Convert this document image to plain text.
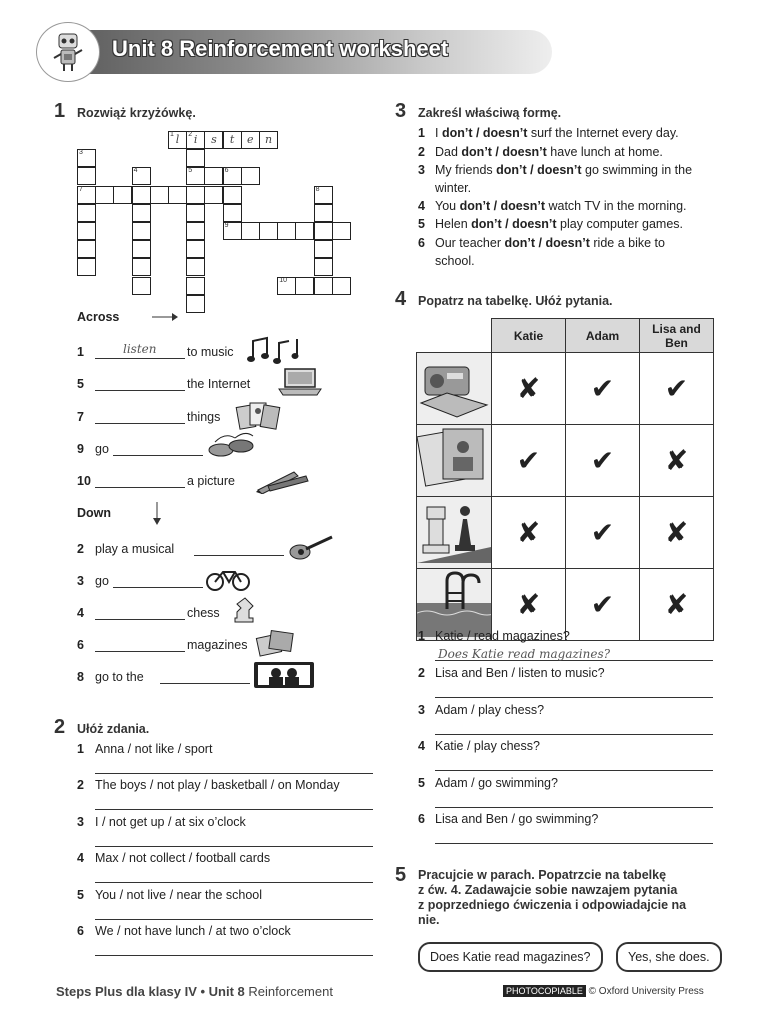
Unit 8 Reinforcement worksheet
1 Rozwiąż krzyżówkę.
1 l	2 i	s	t	e	n
5
3
7
4	6
9
8
10
Across
1	listen to music
5	the Internet
7	things
9 go
10	a picture
Down
2 play a musical
3 go
4	chess
6	magazines
8 go to the
2 Ułóż zdania.
1 Anna / not like / sport
2 The boys / not play / basketball / on Monday
3 I / not get up / at six o’clock
4 Max / not collect / football cards
5 You / not live / near the school
6 We / not have lunch / at two o’clock
3 Zakreśl właściwą formę.
1 I don’t / doesn’t surf the Internet every day.
2 Dad don’t / doesn’t have lunch at home.
3 My friends don’t / doesn’t go swimming in the
winter.
4 You don’t / doesn’t watch TV in the morning.
5 Helen don’t / doesn’t play computer games.
6 Our teacher don’t / doesn’t ride a bike to
school.
4 Popatrz na tabelkę. Ułóż pytania.
	Katie	Adam	Lisa and Ben
	✘	✔	✔
	✔	✔	✘
	✘	✔	✘
	✘	✔	✘
1 Katie / read magazines?
Does Katie read magazines?
2 Lisa and Ben / listen to music?
3 Adam / play chess?
4 Katie / play chess?
5 Adam / go swimming?
6 Lisa and Ben / go swimming?
5 Pracujcie w parach. Popatrzcie na tabelkę
z ćw. 4. Zadawajcie sobie nawzajem pytania
z poprzedniego ćwiczenia i odpowiadajcie na
nie.
Does Katie read magazines?	Yes, she does.
Steps Plus dla klasy IV • Unit 8 Reinforcement	PHOTOCOPIABLE © Oxford University Press
